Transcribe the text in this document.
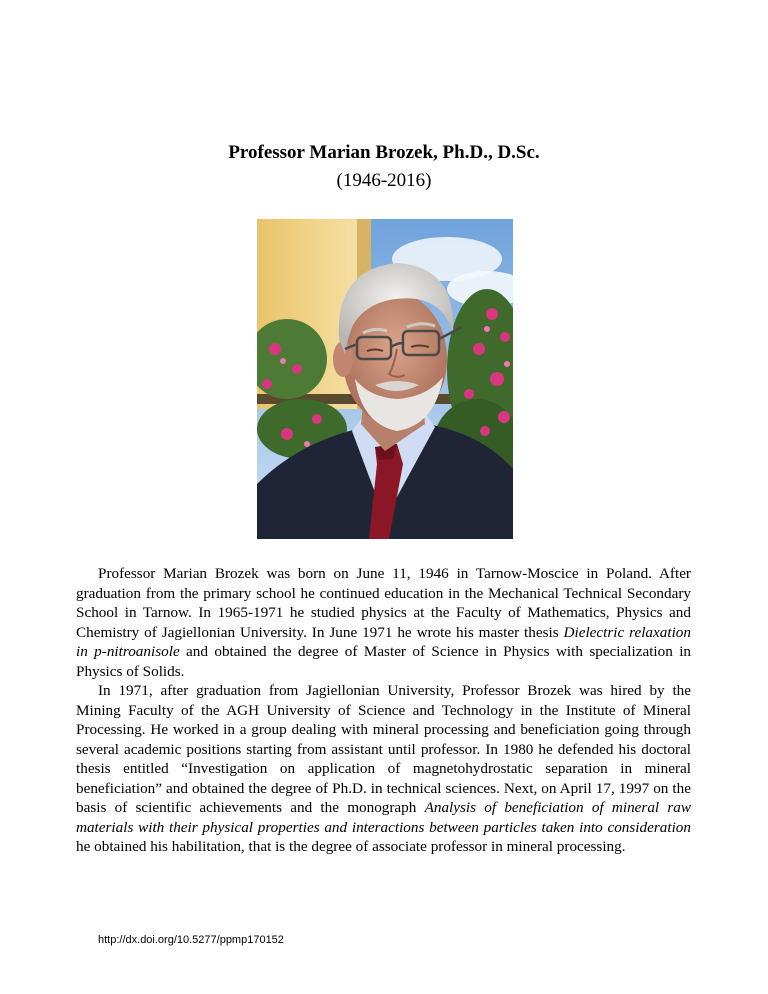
Professor Marian Brozek, Ph.D., D.Sc.
(1946-2016)

Professor Marian Brozek was born on June 11, 1946 in Tarnow-Moscice in Poland. After graduation from the primary school he continued education in the Mechanical Technical Secondary School in Tarnow. In 1965-1971 he studied physics at the Faculty of Mathematics, Physics and Chemistry of Jagiellonian University. In June 1971 he wrote his master thesis Dielectric relaxation in p-nitroanisole and obtained the degree of Master of Science in Physics with specialization in Physics of Solids.

In 1971, after graduation from Jagiellonian University, Professor Brozek was hired by the Mining Faculty of the AGH University of Science and Technology in the Institute of Mineral Processing. He worked in a group dealing with mineral processing and beneficiation going through several academic positions starting from assistant until professor. In 1980 he defended his doctoral thesis entitled “Investigation on application of magnetohydrostatic separation in mineral beneficiation” and obtained the degree of Ph.D. in technical sciences. Next, on April 17, 1997 on the basis of scientific achievements and the monograph Analysis of beneficiation of mineral raw materials with their physical properties and interactions between particles taken into consideration he obtained his habilitation, that is the degree of associate professor in mineral processing.

http://dx.doi.org/10.5277/ppmp170152
